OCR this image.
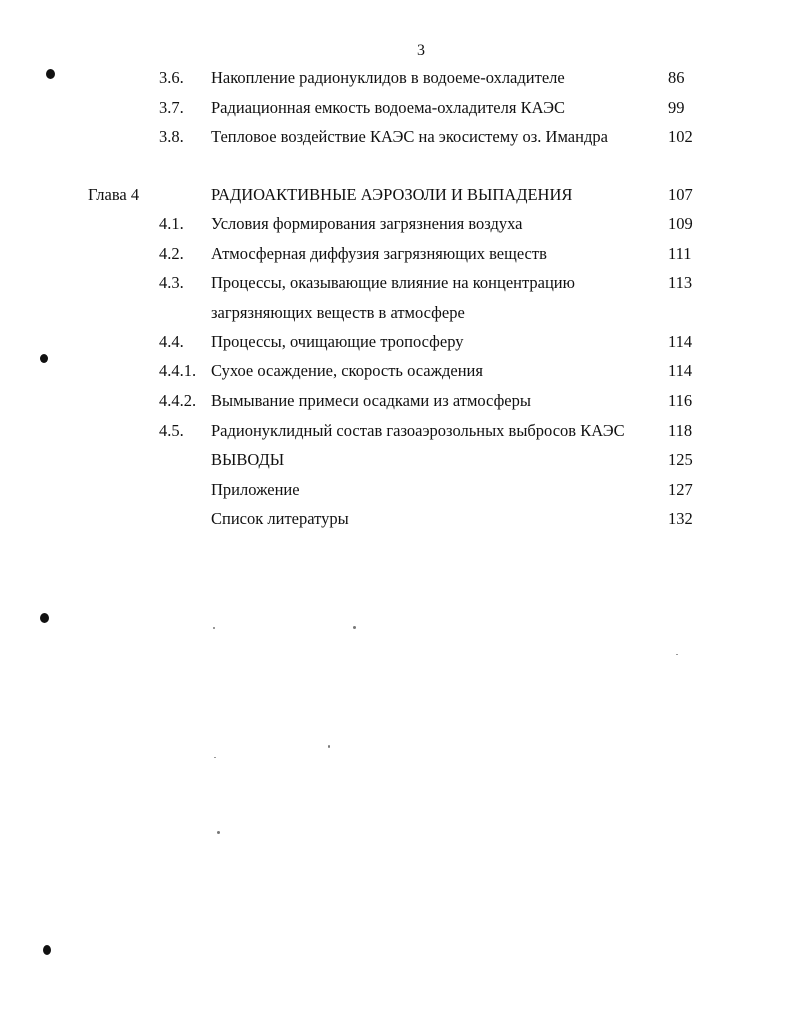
3
3.6. Накопление радионуклидов в водоеме-охладителе	86
3.7. Радиационная емкость водоема-охладителя КАЭС	99
3.8. Тепловое воздействие КАЭС на экосистему оз. Имандра	102
Глава 4	РАДИОАКТИВНЫЕ АЭРОЗОЛИ И ВЫПАДЕНИЯ	107
4.1. Условия формирования загрязнения воздуха	109
4.2. Атмосферная диффузия загрязняющих веществ	111
4.3. Процессы, оказывающие влияние на концентрацию	113
загрязняющих веществ в атмосфере
4.4. Процессы, очищающие тропосферу	114
4.4.1. Сухое осаждение, скорость осаждения	114
4.4.2. Вымывание примеси осадками из атмосферы	116
4.5. Радионуклидный состав газоаэрозольных выбросов КАЭС	118
ВЫВОДЫ	125
Приложение	127
Список литературы	132
